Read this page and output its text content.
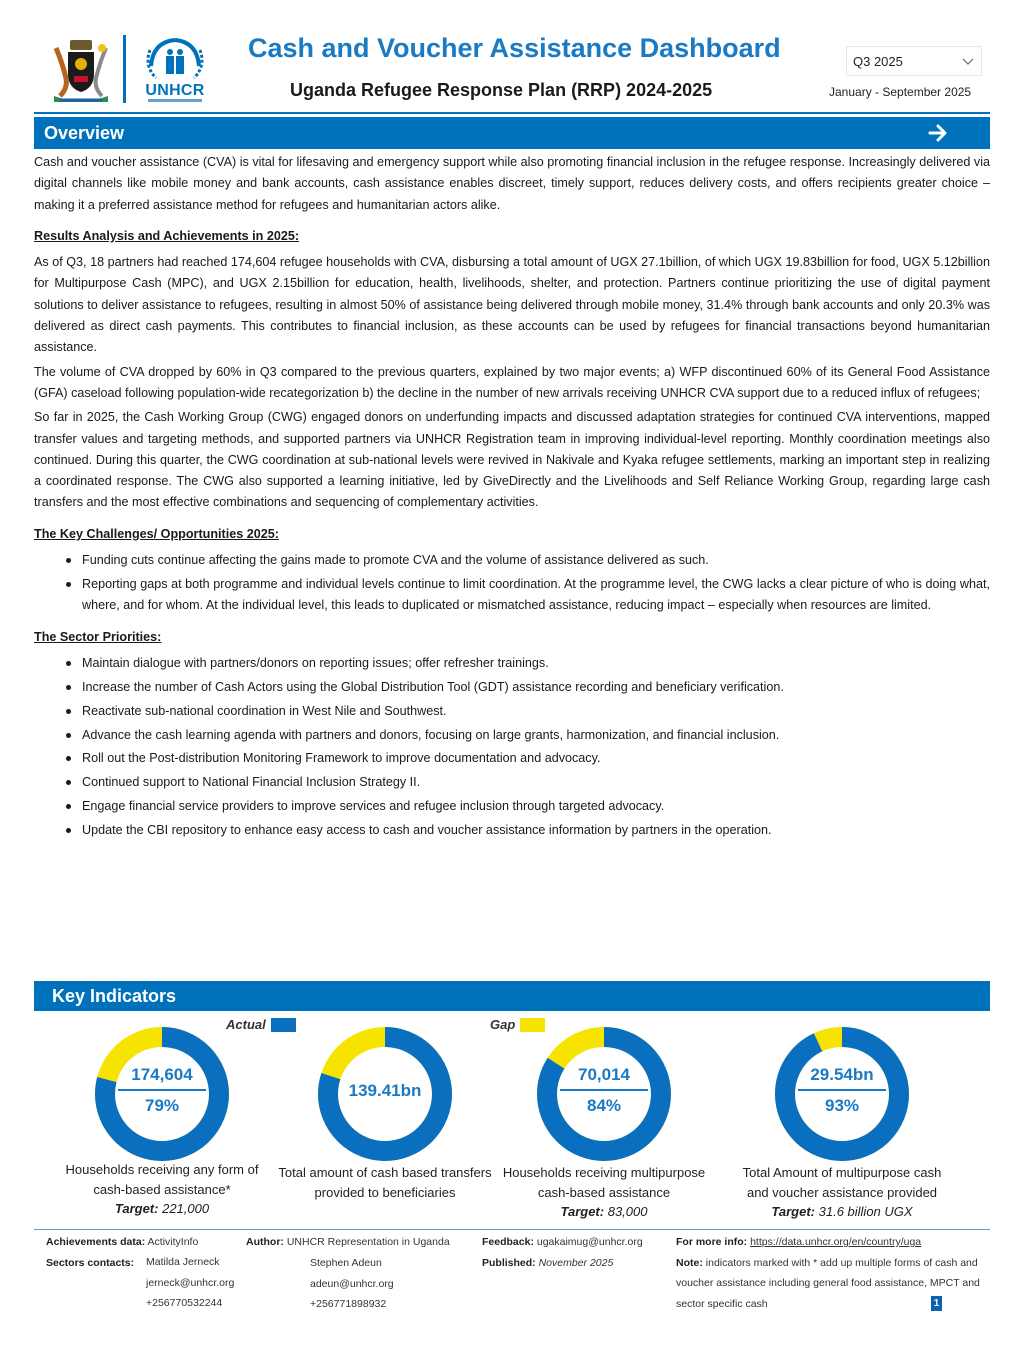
UNHCR
Cash and Voucher Assistance Dashboard
Uganda Refugee Response Plan (RRP) 2024-2025
Q3 2025
January - September 2025
Overview

Cash and voucher assistance (CVA) is vital for lifesaving and emergency support while also promoting financial inclusion in the refugee response. Increasingly delivered via digital channels like mobile money and bank accounts, cash assistance enables discreet, timely support, reduces delivery costs, and offers recipients greater choice – making it a preferred assistance method for refugees and humanitarian actors alike.

Results Analysis and Achievements in 2025:

As of Q3, 18 partners had reached 174,604 refugee households with CVA, disbursing a total amount of UGX 27.1billion, of which UGX 19.83billion for food, UGX 5.12billion for Multipurpose Cash (MPC), and UGX 2.15billion for education, health, livelihoods, shelter, and protection. Partners continue prioritizing the use of digital payment solutions to deliver assistance to refugees, resulting in almost 50% of assistance being delivered through mobile money, 31.4% through bank accounts and only 20.3% was delivered as direct cash payments. This contributes to financial inclusion, as these accounts can be used by refugees for financial transactions beyond humanitarian assistance.

The volume of CVA dropped by 60% in Q3 compared to the previous quarters, explained by two major events; a) WFP discontinued 60% of its General Food Assistance (GFA) caseload following population-wide recategorization b) the decline in the number of new arrivals receiving UNHCR CVA support due to a reduced influx of refugees;

So far in 2025, the Cash Working Group (CWG) engaged donors on underfunding impacts and discussed adaptation strategies for continued CVA interventions, mapped transfer values and targeting methods, and supported partners via UNHCR Registration team in improving individual-level reporting. Monthly coordination meetings also continued. During this quarter, the CWG coordination at sub-national levels were revived in Nakivale and Kyaka refugee settlements, marking an important step in realizing a coordinated response. The CWG also supported a learning initiative, led by GiveDirectly and the Livelihoods and Self Reliance Working Group, regarding large cash transfers and the most effective combinations and sequencing of complementary activities.

The Key Challenges/ Opportunities 2025:
Funding cuts continue affecting the gains made to promote CVA and the volume of assistance delivered as such.
Reporting gaps at both programme and individual levels continue to limit coordination. At the programme level, the CWG lacks a clear picture of who is doing what, where, and for whom. At the individual level, this leads to duplicated or mismatched assistance, reducing impact – especially when resources are limited.
The Sector Priorities:
Maintain dialogue with partners/donors on reporting issues; offer refresher trainings.
Increase the number of Cash Actors using the Global Distribution Tool (GDT) assistance recording and beneficiary verification.
Reactivate sub-national coordination in West Nile and Southwest.
Advance the cash learning agenda with partners and donors, focusing on large grants, harmonization, and financial inclusion.
Roll out the Post-distribution Monitoring Framework to improve documentation and advocacy.
Continued support to National Financial Inclusion Strategy II.
Engage financial service providers to improve services and refugee inclusion through targeted advocacy.
Update the CBI repository to enhance easy access to cash and voucher assistance information by partners in the operation.
Key Indicators
Actual	Gap
174,604
79%
Households receiving any form of cash-based assistance*
Target: 221,000
139.41bn
Total amount of cash based transfers provided to beneficiaries
70,014
84%
Households receiving multipurpose cash-based assistance
Target: 83,000
29.54bn
93%
Total Amount of multipurpose cash and voucher assistance provided
Target: 31.6 billion UGX
Achievements data: ActivityInfo
Sectors contacts:	Matilda Jerneck
jerneck@unhcr.org
+256770532244
Author: UNHCR Representation in Uganda
Stephen Adeun
adeun@unhcr.org
+256771898932
Feedback: ugakaimug@unhcr.org
Published: November 2025
For more info: https://data.unhcr.org/en/country/uga
Note: indicators marked with * add up multiple forms of cash and voucher assistance including general food assistance, MPCT and sector specific cash	1
